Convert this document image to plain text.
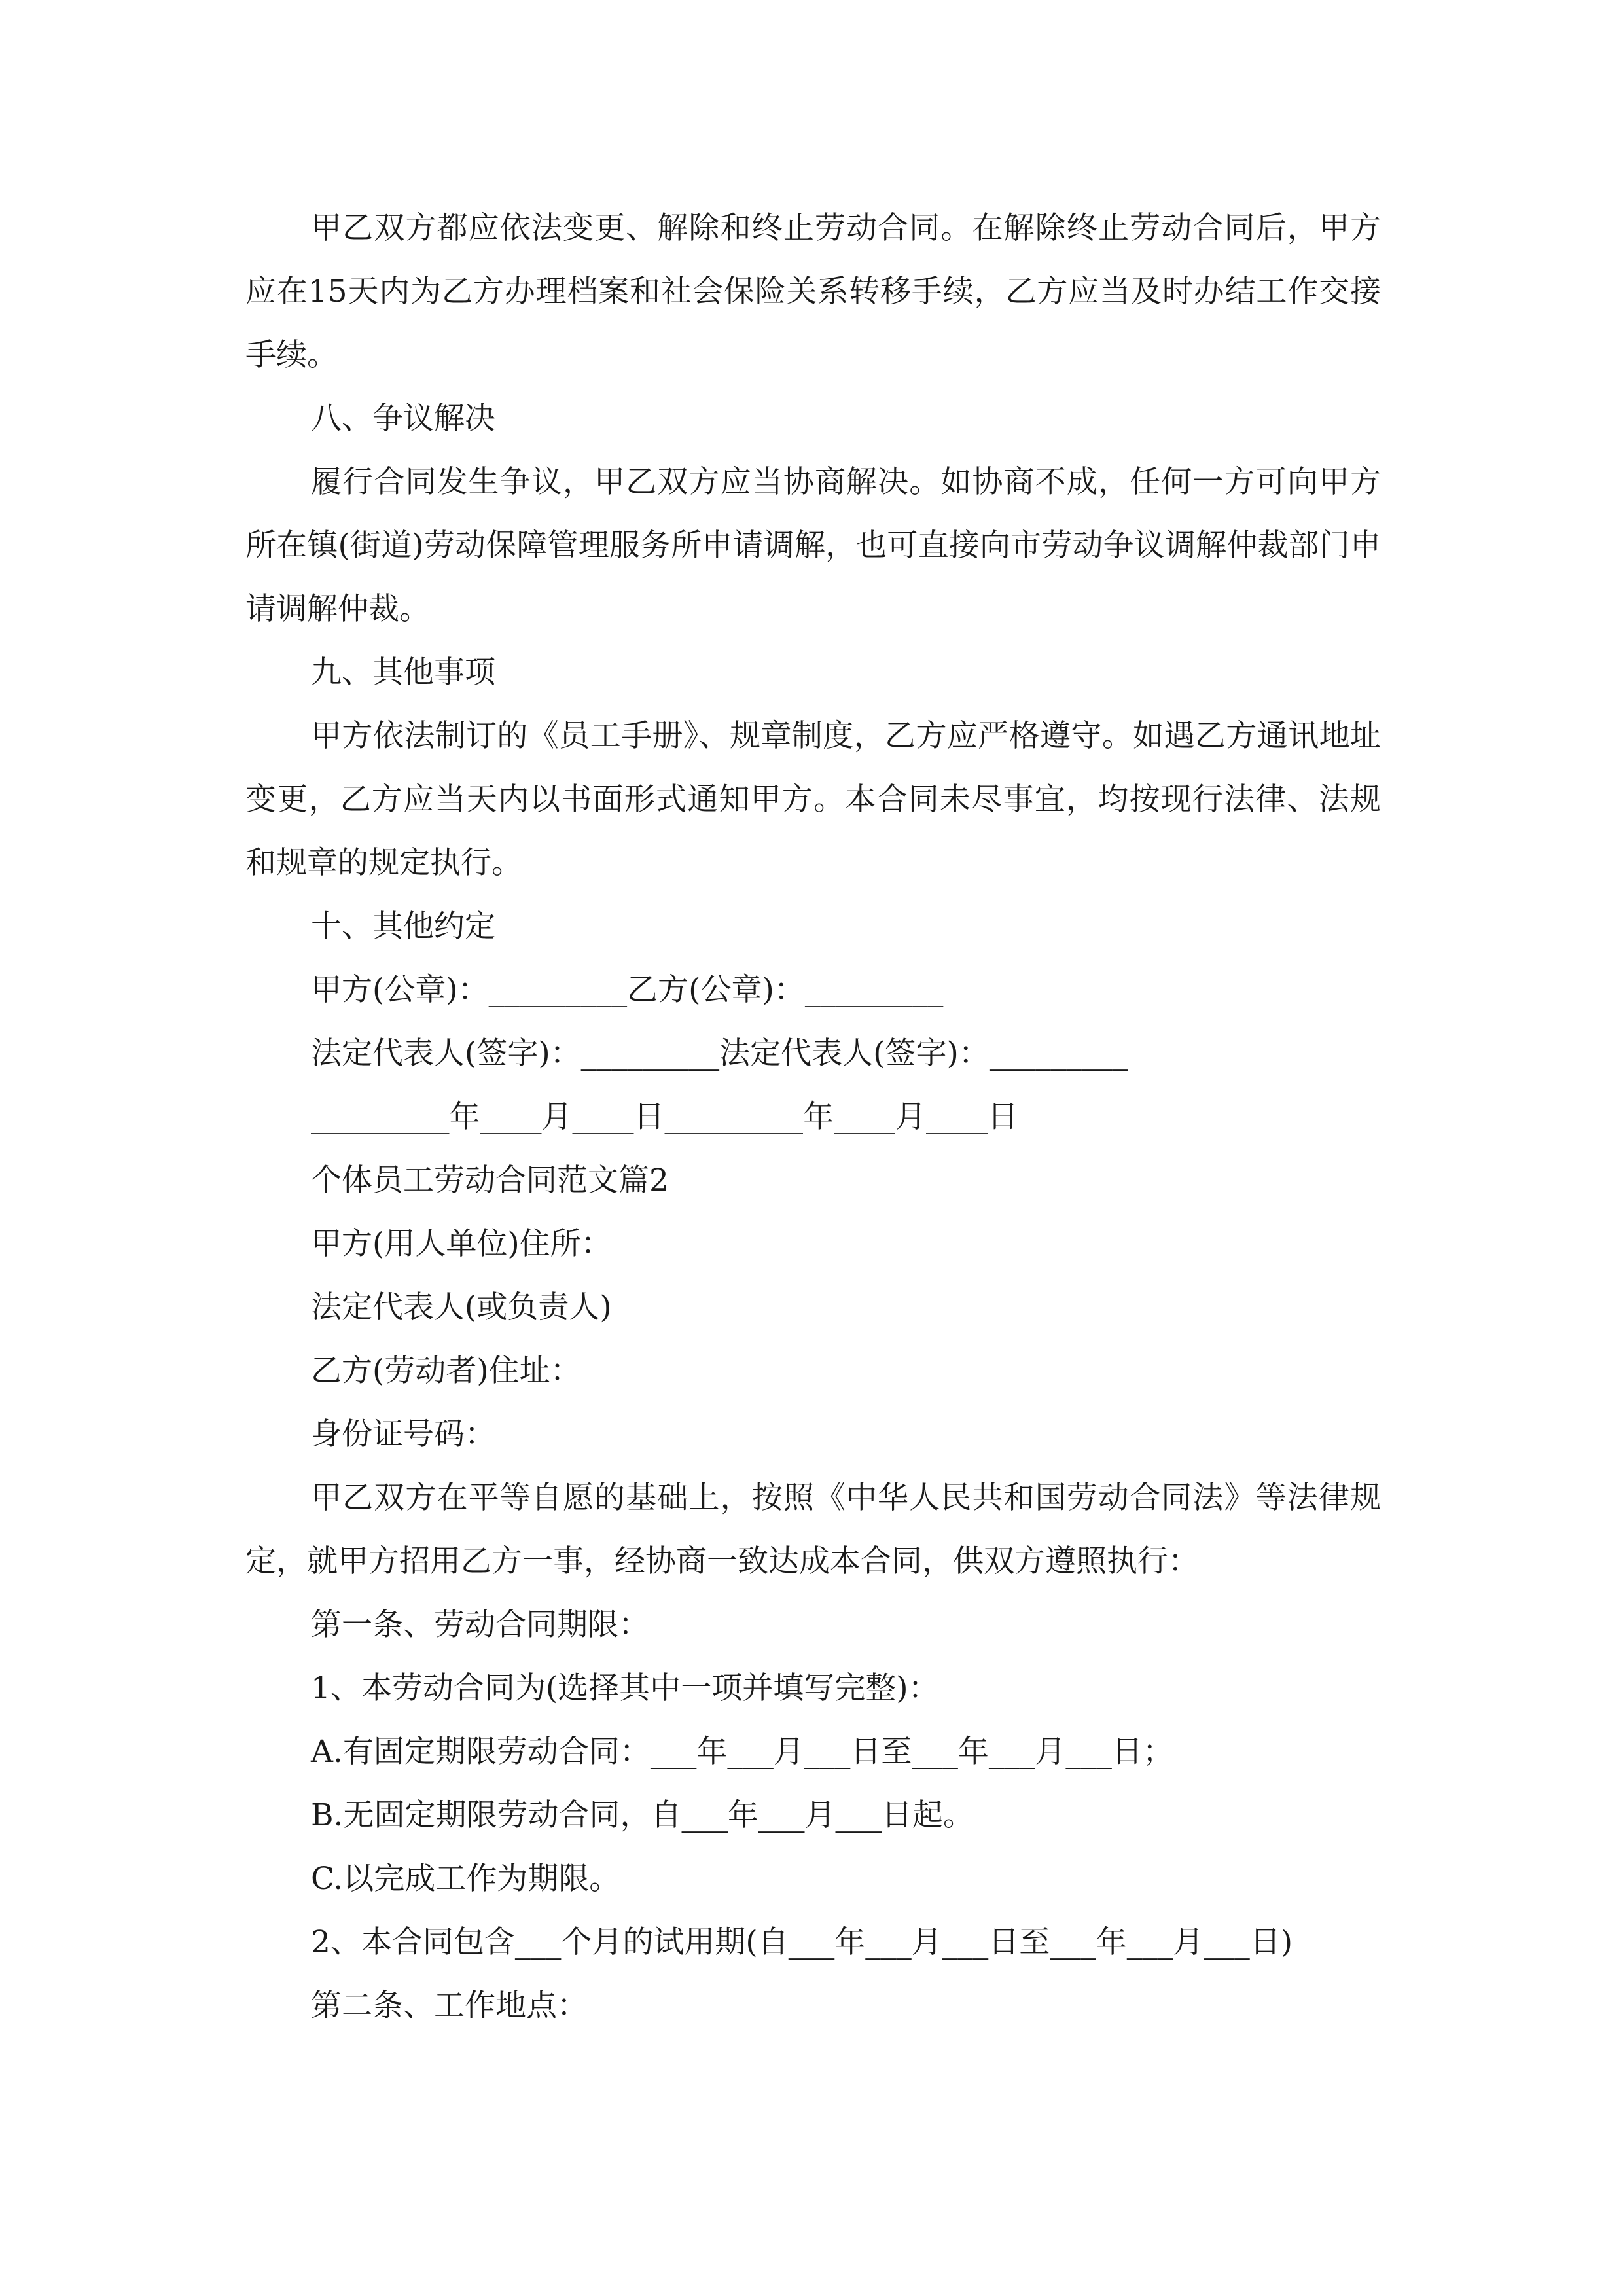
甲乙双方都应依法变更、解除和终止劳动合同。在解除终止劳动合同后，甲方应在15天内为乙方办理档案和社会保险关系转移手续，乙方应当及时办结工作交接手续。

八、争议解决

履行合同发生争议，甲乙双方应当协商解决。如协商不成，任何一方可向甲方所在镇(街道)劳动保障管理服务所申请调解，也可直接向市劳动争议调解仲裁部门申请调解仲裁。

九、其他事项

甲方依法制订的《员工手册》、规章制度，乙方应严格遵守。如遇乙方通讯地址变更，乙方应当天内以书面形式通知甲方。本合同未尽事宜，均按现行法律、法规和规章的规定执行。

十、其他约定

甲方(公章)：_________乙方(公章)：_________

法定代表人(签字)：_________法定代表人(签字)：_________

_________年____月____日_________年____月____日

个体员工劳动合同范文篇2

甲方(用人单位)住所：

法定代表人(或负责人)

乙方(劳动者)住址：

身份证号码：

甲乙双方在平等自愿的基础上，按照《中华人民共和国劳动合同法》等法律规定，就甲方招用乙方一事，经协商一致达成本合同，供双方遵照执行：

第一条、劳动合同期限：

1、本劳动合同为(选择其中一项并填写完整)：

A.有固定期限劳动合同：___年___月___日至___年___月___日；

B.无固定期限劳动合同，自___年___月___日起。

C.以完成工作为期限。

2、本合同包含___个月的试用期(自___年___月___日至___年___月___日)

第二条、工作地点：
